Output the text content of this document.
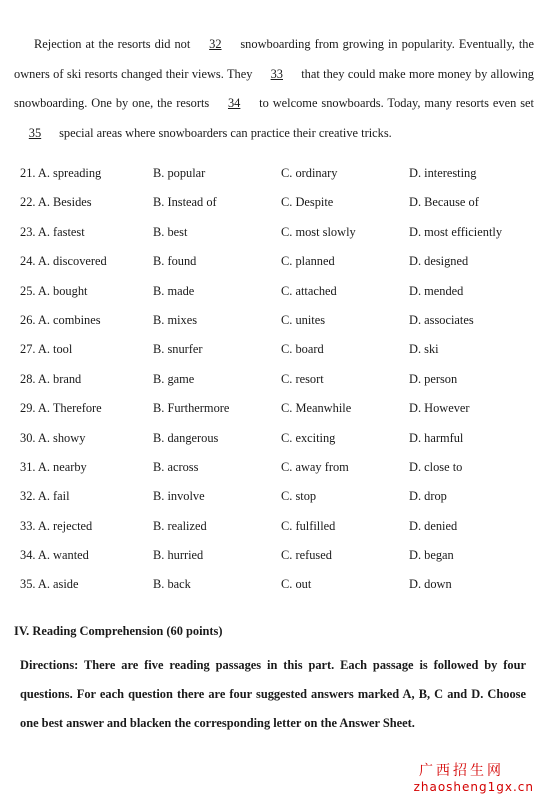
Rejection at the resorts did not 32 snowboarding from growing in popularity. Eventually, the owners of ski resorts changed their views. They 33 that they could make more money by allowing snowboarding. One by one, the resorts 34 to welcome snowboards. Today, many resorts even set 35 special areas where snowboarders can practice their creative tricks.

21. A. spreading	B. popular	C. ordinary	D. interesting
22. A. Besides	B. Instead of	C. Despite	D. Because of
23. A. fastest	B. best	C. most slowly	D. most efficiently
24. A. discovered	B. found	C. planned	D. designed
25. A. bought	B. made	C. attached	D. mended
26. A. combines	B. mixes	C. unites	D. associates
27. A. tool	B. snurfer	C. board	D. ski
28. A. brand	B. game	C. resort	D. person
29. A. Therefore	B. Furthermore	C. Meanwhile	D. However
30. A. showy	B. dangerous	C. exciting	D. harmful
31. A. nearby	B. across	C. away from	D. close to
32. A. fail	B. involve	C. stop	D. drop
33. A. rejected	B. realized	C. fulfilled	D. denied
34. A. wanted	B. hurried	C. refused	D. began
35. A. aside	B. back	C. out	D. down
IV. Reading Comprehension (60 points)
Directions: There are five reading passages in this part. Each passage is followed by four questions. For each question there are four suggested answers marked A, B, C and D. Choose one best answer and blacken the corresponding letter on the Answer Sheet.
广西招生网
zhaosheng1gx.cn
